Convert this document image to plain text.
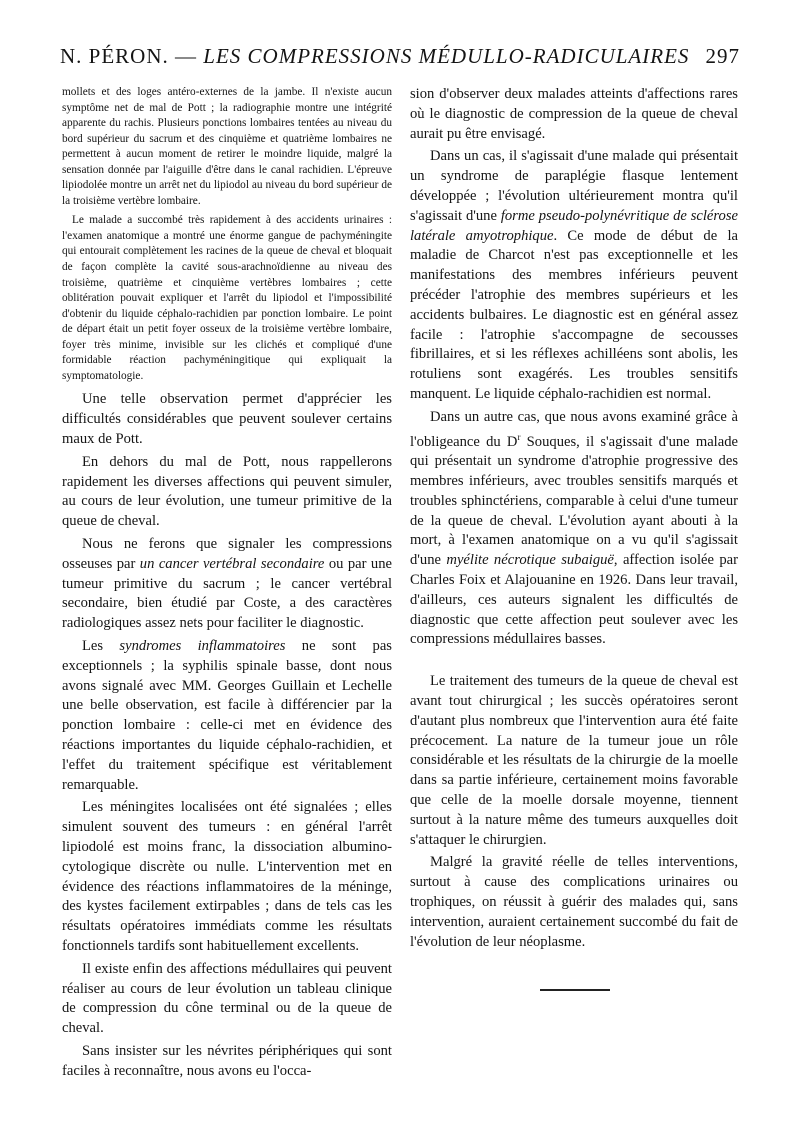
N. PÉRON. — LES COMPRESSIONS MÉDULLO-RADICULAIRES 297

mollets et des loges antéro-externes de la jambe. Il n'existe aucun symptôme net de mal de Pott ; la radiographie montre une intégrité apparente du rachis. Plusieurs ponctions lombaires tentées au niveau du bord supérieur du sacrum et des cinquième et quatrième lombaires ne permettent à aucun moment de retirer le moindre liquide, malgré la sensation donnée par l'aiguille d'être dans le canal rachidien. L'épreuve lipiodolée montre un arrêt net du lipiodol au niveau du bord supérieur de la troisième vertèbre lombaire.

Le malade a succombé très rapidement à des accidents urinaires : l'examen anatomique a montré une énorme gangue de pachyméningite qui entourait complètement les racines de la queue de cheval et bloquait de façon complète la cavité sous-arachnoïdienne au niveau des troisième, quatrième et cinquième vertèbres lombaires ; cette oblitération pouvait expliquer et l'arrêt du lipiodol et l'impossibilité d'obtenir du liquide céphalo-rachidien par ponction lombaire. Le point de départ était un petit foyer osseux de la troisième vertèbre lombaire, foyer très minime, invisible sur les clichés et compliqué d'une formidable réaction pachyméningitique qui expliquait la symptomatologie.

Une telle observation permet d'apprécier les difficultés considérables que peuvent soulever certains maux de Pott.

En dehors du mal de Pott, nous rappellerons rapidement les diverses affections qui peuvent simuler, au cours de leur évolution, une tumeur primitive de la queue de cheval.

Nous ne ferons que signaler les compressions osseuses par un cancer vertébral secondaire ou par une tumeur primitive du sacrum ; le cancer vertébral secondaire, bien étudié par Coste, a des caractères radiologiques assez nets pour faciliter le diagnostic.

Les syndromes inflammatoires ne sont pas exceptionnels ; la syphilis spinale basse, dont nous avons signalé avec MM. Georges Guillain et Lechelle une belle observation, est facile à différencier par la ponction lombaire : celle-ci met en évidence des réactions importantes du liquide céphalo-rachidien, et l'effet du traitement spécifique est véritablement remarquable.

Les méningites localisées ont été signalées ; elles simulent souvent des tumeurs : en général l'arrêt lipiodolé est moins franc, la dissociation albumino-cytologique discrète ou nulle. L'intervention met en évidence des réactions inflammatoires de la méninge, des kystes facilement extirpables ; dans de tels cas les résultats opératoires immédiats comme les résultats fonctionnels tardifs sont habituellement excellents.

Il existe enfin des affections médullaires qui peuvent réaliser au cours de leur évolution un tableau clinique de compression du cône terminal ou de la queue de cheval.

Sans insister sur les névrites périphériques qui sont faciles à reconnaître, nous avons eu l'occa-

sion d'observer deux malades atteints d'affections rares où le diagnostic de compression de la queue de cheval aurait pu être envisagé.

Dans un cas, il s'agissait d'une malade qui présentait un syndrome de paraplégie flasque lentement développée ; l'évolution ultérieurement montra qu'il s'agissait d'une forme pseudo-polynévritique de sclérose latérale amyotrophique. Ce mode de début de la maladie de Charcot n'est pas exceptionnelle et les manifestations des membres inférieurs peuvent précéder l'atrophie des membres supérieurs et les accidents bulbaires. Le diagnostic est en général assez facile : l'atrophie s'accompagne de secousses fibrillaires, et si les réflexes achilléens sont abolis, les rotuliens sont exagérés. Les troubles sensitifs manquent. Le liquide céphalo-rachidien est normal.

Dans un autre cas, que nous avons examiné grâce à l'obligeance du $D^r$ Souques, il s'agissait d'une malade qui présentait un syndrome d'atrophie progressive des membres inférieurs, avec troubles sensitifs marqués et troubles sphinctériens, comparable à celui d'une tumeur de la queue de cheval. L'évolution ayant abouti à la mort, à l'examen anatomique on a vu qu'il s'agissait d'une myélite nécrotique subaiguë, affection isolée par Charles Foix et Alajouanine en 1926. Dans leur travail, d'ailleurs, ces auteurs signalent les difficultés de diagnostic que cette affection peut soulever avec les compressions médullaires basses.

Le traitement des tumeurs de la queue de cheval est avant tout chirurgical ; les succès opératoires seront d'autant plus nombreux que l'intervention aura été faite précocement. La nature de la tumeur joue un rôle considérable et les résultats de la chirurgie de la moelle dans sa partie inférieure, certainement moins favorable que celle de la moelle dorsale moyenne, tiennent surtout à la nature même des tumeurs auxquelles doit s'attaquer le chirurgien.

Malgré la gravité réelle de telles interventions, surtout à cause des complications urinaires ou trophiques, on réussit à guérir des malades qui, sans intervention, auraient certainement succombé du fait de l'évolution de leur néoplasme.
